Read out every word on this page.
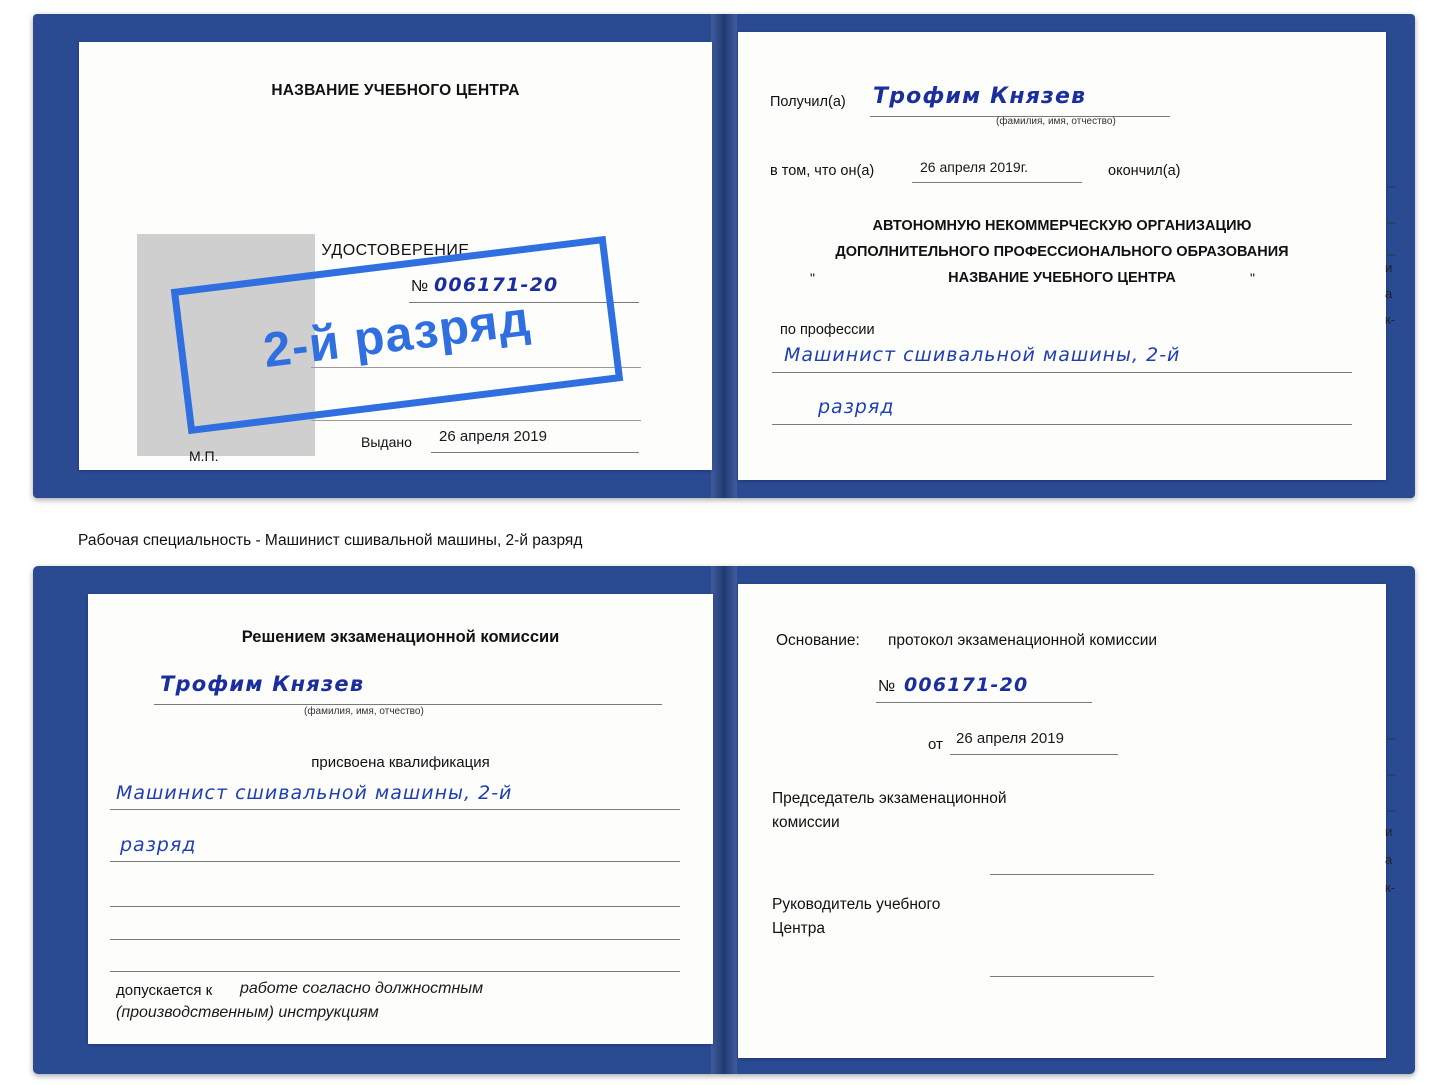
НАЗВАНИЕ УЧЕБНОГО ЦЕНТРА
УДОСТОВЕРЕНИЕ
№ 006171-20
Выдано 26 апреля 2019
М.П.
Получил(а) Трофим Князев
(фамилия, имя, отчество)
в том, что он(а)	26 апреля 2019г.	окончил(а)
АВТОНОМНУЮ НЕКОММЕРЧЕСКУЮ ОРГАНИЗАЦИЮ
ДОПОЛНИТЕЛЬНОГО ПРОФЕССИОНАЛЬНОГО ОБРАЗОВАНИЯ
"	НАЗВАНИЕ УЧЕБНОГО ЦЕНТРА	"
по профессии
Машинист сшивальной машины, 2-й
разряд
–
–
–
и
а
к-
2-й разряд
Рабочая специальность - Машинист сшивальной машины, 2-й разряд
Решением экзаменационной комиссии
Трофим Князев
(фамилия, имя, отчество)
присвоена квалификация
Машинист сшивальной машины, 2-й
разряд
допускается к работе согласно должностным
(производственным) инструкциям
Основание: протокол экзаменационной комиссии
№ 006171-20
от 26 апреля 2019
Председатель экзаменационной
комиссии
Руководитель учебного
Центра
–
–
–
и
а
к-
